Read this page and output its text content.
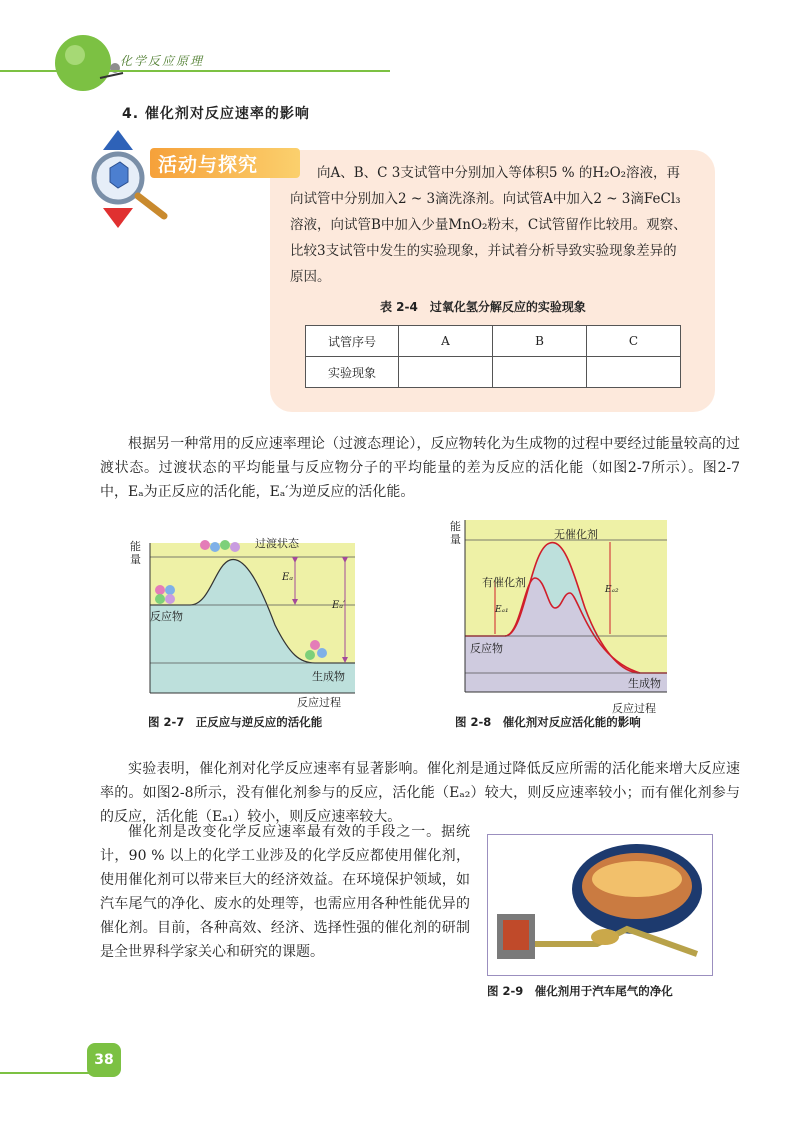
化学反应原理
4. 催化剂对反应速率的影响
活动与探究	向A、B、C 3支试管中分别加入等体积5 % 的H₂O₂溶液，再向试管中分别加入2 ~ 3滴洗涤剂。向试管A中加入2 ~ 3滴FeCl₃溶液，向试管B中加入少量MnO₂粉末，C试管留作比较用。观察、比较3支试管中发生的实验现象，并试着分析导致实验现象差异的原因。
表 2-4　过氧化氢分解反应的实验现象
试管序号	A	B	C
实验现象			
根据另一种常用的反应速率理论（过渡态理论），反应物转化为生成物的过程中要经过能量较高的过渡状态。过渡状态的平均能量与反应物分子的平均能量的差为反应的活化能（如图2-7所示）。图2-7中，Eₐ为正反应的活化能，Eₐ′为逆反应的活化能。
能量
过渡状态
Eₐ
Eₐ′
反应物
生成物
反应过程
图 2-7　正反应与逆反应的活化能
能量	无催化剂
有催化剂
Eₐ₁
Eₐ₂
反应物
生成物
反应过程
图 2-8　催化剂对反应活化能的影响
实验表明，催化剂对化学反应速率有显著影响。催化剂是通过降低反应所需的活化能来增大反应速率的。如图2-8所示，没有催化剂参与的反应，活化能（Eₐ₂）较大，则反应速率较小；而有催化剂参与的反应，活化能（Eₐ₁）较小，则反应速率较大。
催化剂是改变化学反应速率最有效的手段之一。据统计，90 % 以上的化学工业涉及的化学反应都使用催化剂，使用催化剂可以带来巨大的经济效益。在环境保护领域，如汽车尾气的净化、废水的处理等，也需应用各种性能优异的催化剂。目前，各种高效、经济、选择性强的催化剂的研制是全世界科学家关心和研究的课题。
图 2-9　催化剂用于汽车尾气的净化
38
